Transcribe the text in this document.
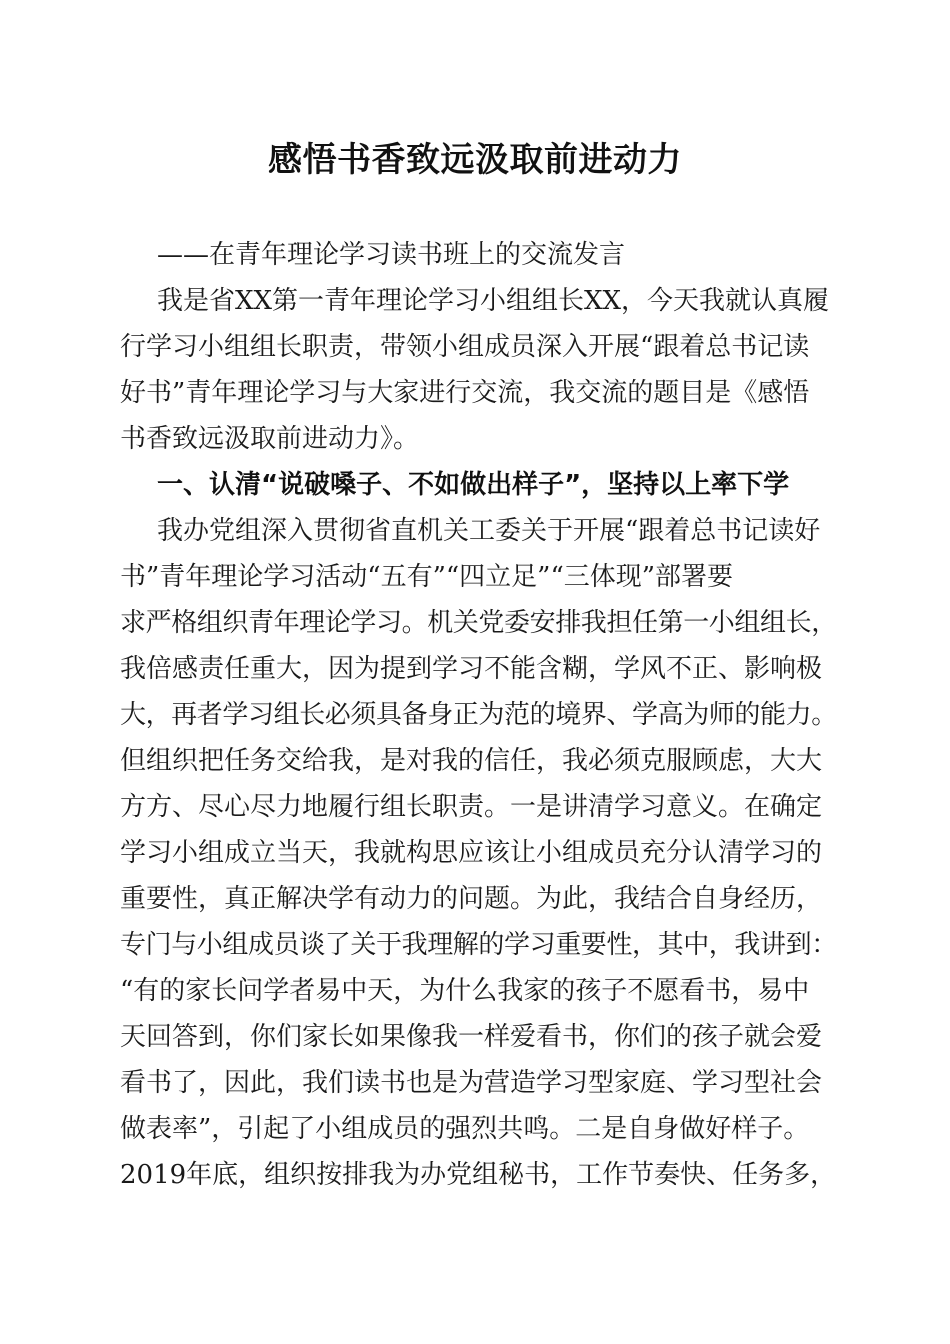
感悟书香致远汲取前进动力
——在青年理论学习读书班上的交流发言
我是省XX第一青年理论学习小组组长XX，今天我就认真履
行学习小组组长职责，带领小组成员深入开展“跟着总书记读
好书”青年理论学习与大家进行交流，我交流的题目是《感悟
书香致远汲取前进动力》。
一、认清“说破嗓子、不如做出样子”，坚持以上率下学
我办党组深入贯彻省直机关工委关于开展“跟着总书记读好
书”青年理论学习活动“五有”“四立足”“三体现”部署要
求严格组织青年理论学习。机关党委安排我担任第一小组组长，
我倍感责任重大，因为提到学习不能含糊，学风不正、影响极
大，再者学习组长必须具备身正为范的境界、学高为师的能力。
但组织把任务交给我，是对我的信任，我必须克服顾虑，大大
方方、尽心尽力地履行组长职责。一是讲清学习意义。在确定
学习小组成立当天，我就构思应该让小组成员充分认清学习的
重要性，真正解决学有动力的问题。为此，我结合自身经历，
专门与小组成员谈了关于我理解的学习重要性，其中，我讲到：
“有的家长问学者易中天，为什么我家的孩子不愿看书，易中
天回答到，你们家长如果像我一样爱看书，你们的孩子就会爱
看书了，因此，我们读书也是为营造学习型家庭、学习型社会
做表率”，引起了小组成员的强烈共鸣。二是自身做好样子。
2019年底，组织按排我为办党组秘书，工作节奏快、任务多，
